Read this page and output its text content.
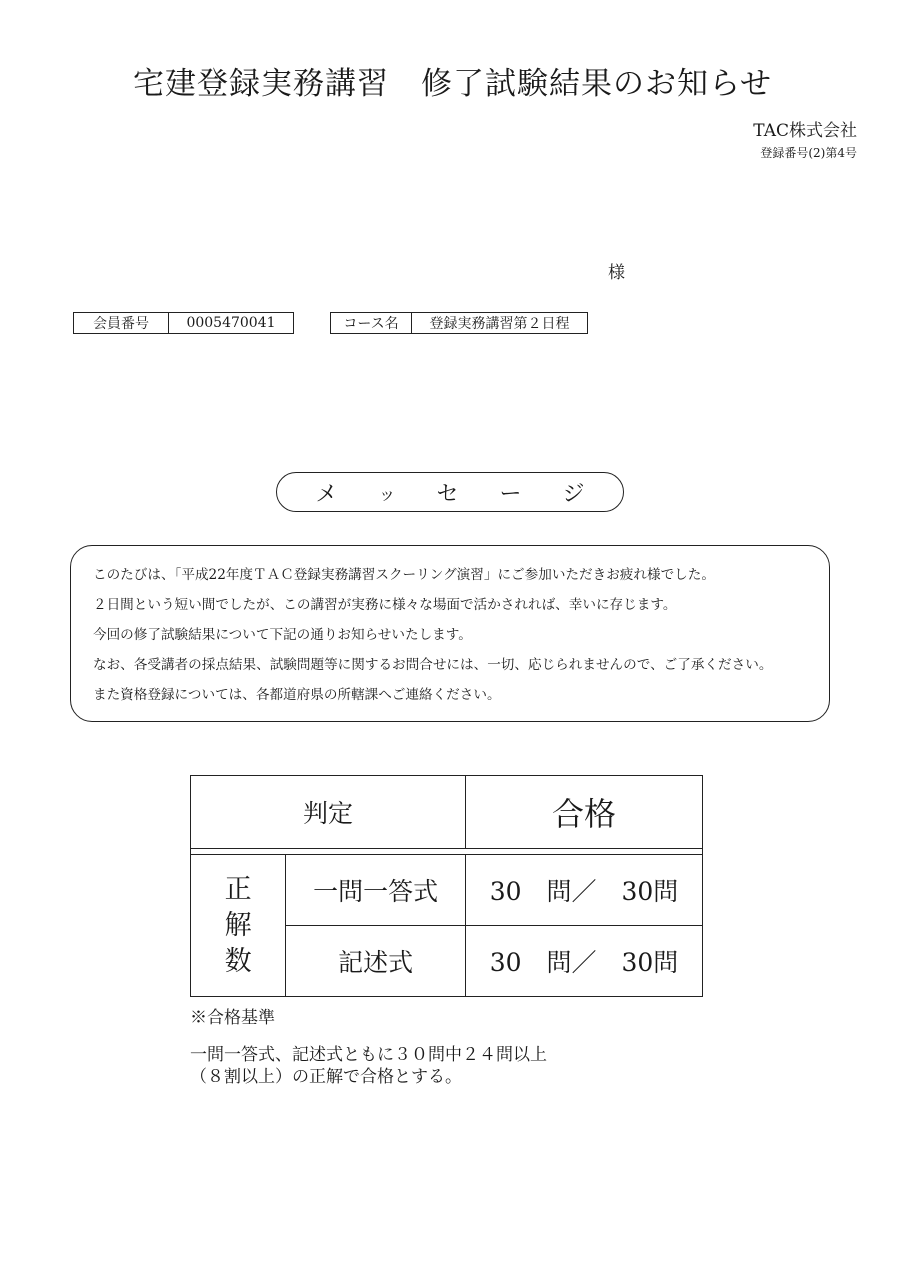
宅建登録実務講習　修了試験結果のお知らせ
TAC株式会社
登録番号(2)第4号
様
会員番号	0005470041	コース名	登録実務講習第２日程
メ ッ セ ー ジ
このたびは、「平成22年度ＴＡＣ登録実務講習スクーリング演習」にご参加いただきお疲れ様でした。
２日間という短い間でしたが、この講習が実務に様々な場面で活かされれば、幸いに存じます。
今回の修了試験結果について下記の通りお知らせいたします。
なお、各受講者の採点結果、試験問題等に関するお問合せには、一切、応じられませんので、ご了承ください。
また資格登録については、各都道府県の所轄課へご連絡ください。
判定		合格

正
解
数	一問一答式	30　問／　30問
	記述式	30　問／　30問
※合格基準
一問一答式、記述式ともに３０問中２４問以上
（８割以上）の正解で合格とする。
